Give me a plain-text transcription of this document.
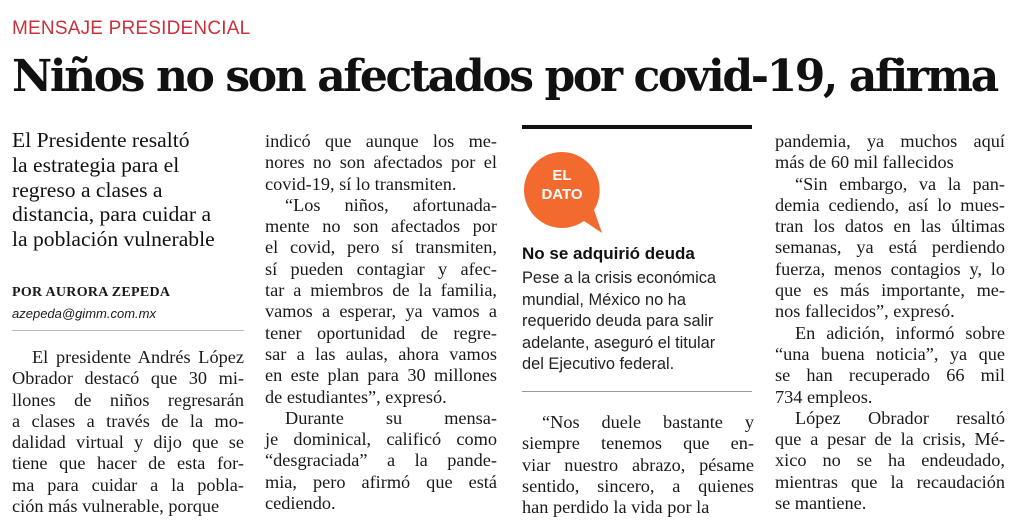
MENSAJE PRESIDENCIAL
Niños no son afectados por covid-19, afirma
El Presidente resaltó
la estrategia para el
regreso a clases a
distancia, para cuidar a
la población vulnerable
POR AURORA ZEPEDA
azepeda@gimm.com.mx

El presidente Andrés López

Obrador destacó que 30 mi-

llones de niños regresarán

a clases a través de la mo-

dalidad virtual y dijo que se

tiene que hacer de esta for-

ma para cuidar a la pobla-

ción más vulnerable, porque

indicó que aunque los me-

nores no son afectados por el

covid-19, sí lo transmiten.

“Los niños, afortunada-

mente no son afectados por

el covid, pero sí transmiten,

sí pueden contagiar y afec-

tar a miembros de la familia,

vamos a esperar, ya vamos a

tener oportunidad de regre-

sar a las aulas, ahora vamos

en este plan para 30 millones

de estudiantes”, expresó.

Durante su mensa-

je dominical, calificó como

“desgraciada” a la pande-

mia, pero afirmó que está

cediendo.

EL
DATO
No se adquirió deuda
Pese a la crisis económica
mundial, México no ha
requerido deuda para salir
adelante, aseguró el titular
del Ejecutivo federal.

“Nos duele bastante y

siempre tenemos que en-

viar nuestro abrazo, pésame

sentido, sincero, a quienes

han perdido la vida por la

pandemia, ya muchos aquí

más de 60 mil fallecidos

“Sin embargo, va la pan-

demia cediendo, así lo mues-

tran los datos en las últimas

semanas, ya está perdiendo

fuerza, menos contagios y, lo

que es más importante, me-

nos fallecidos”, expresó.

En adición, informó sobre

“una buena noticia”, ya que

se han recuperado 66 mil

734 empleos.

López Obrador resaltó

que a pesar de la crisis, Mé-

xico no se ha endeudado,

mientras que la recaudación

se mantiene.
